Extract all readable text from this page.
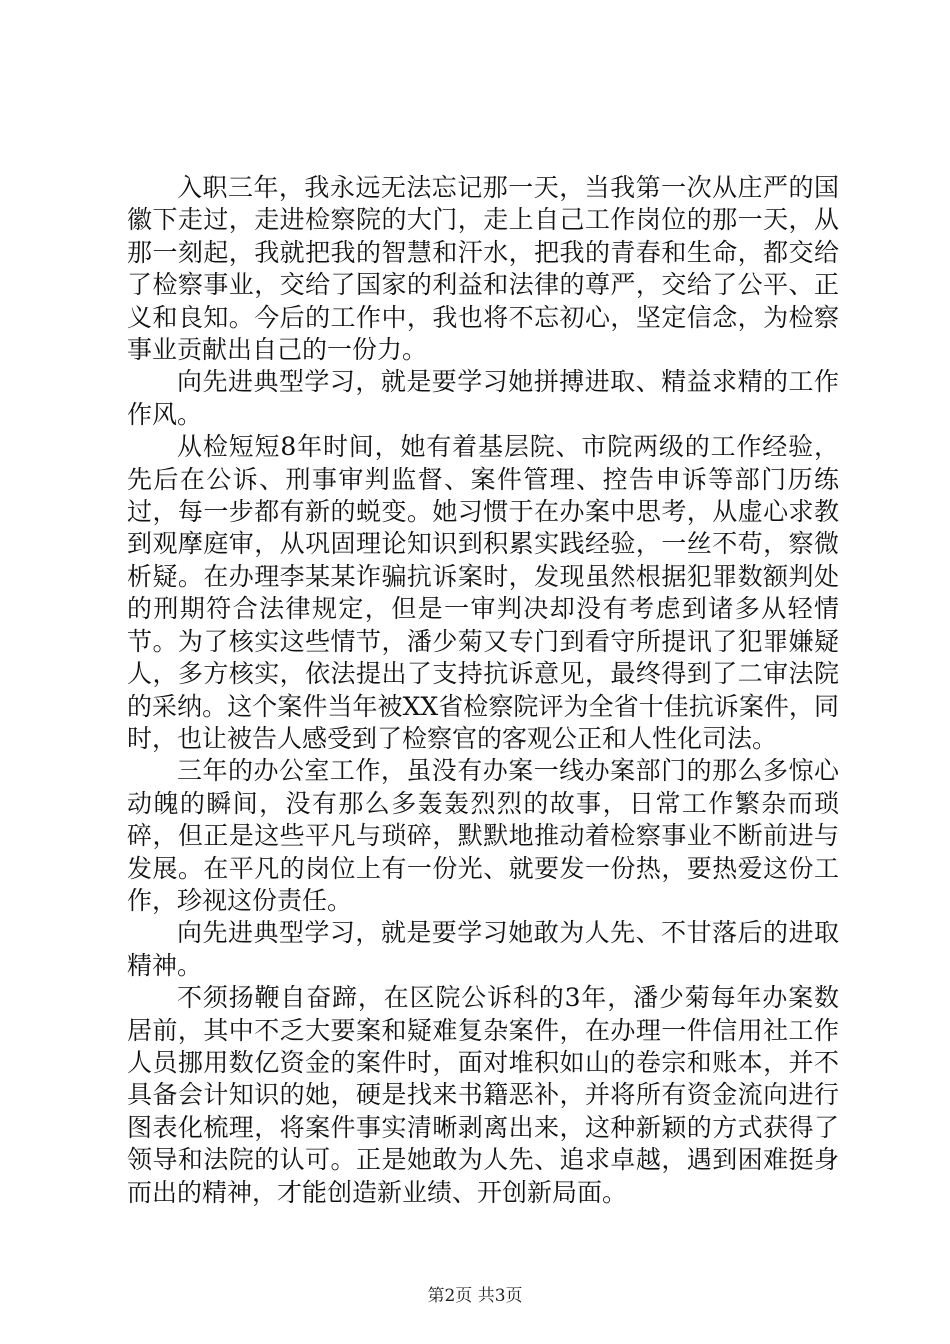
入职三年，我永远无法忘记那一天，当我第一次从庄严的国徽下走过，走进检察院的大门，走上自己工作岗位的那一天，从那一刻起，我就把我的智慧和汗水，把我的青春和生命，都交给了检察事业，交给了国家的利益和法律的尊严，交给了公平、正义和良知。今后的工作中，我也将不忘初心，坚定信念，为检察事业贡献出自己的一份力。

向先进典型学习，就是要学习她拼搏进取、精益求精的工作作风。

从检短短8年时间，她有着基层院、市院两级的工作经验，先后在公诉、刑事审判监督、案件管理、控告申诉等部门历练过，每一步都有新的蜕变。她习惯于在办案中思考，从虚心求教到观摩庭审，从巩固理论知识到积累实践经验，一丝不苟，察微析疑。在办理李某某诈骗抗诉案时，发现虽然根据犯罪数额判处的刑期符合法律规定，但是一审判决却没有考虑到诸多从轻情节。为了核实这些情节，潘少菊又专门到看守所提讯了犯罪嫌疑人，多方核实，依法提出了支持抗诉意见，最终得到了二审法院的采纳。这个案件当年被XX省检察院评为全省十佳抗诉案件，同时，也让被告人感受到了检察官的客观公正和人性化司法。

三年的办公室工作，虽没有办案一线办案部门的那么多惊心动魄的瞬间，没有那么多轰轰烈烈的故事，日常工作繁杂而琐碎，但正是这些平凡与琐碎，默默地推动着检察事业不断前进与发展。在平凡的岗位上有一份光、就要发一份热，要热爱这份工作，珍视这份责任。

向先进典型学习，就是要学习她敢为人先、不甘落后的进取精神。

不须扬鞭自奋蹄，在区院公诉科的3年，潘少菊每年办案数居前，其中不乏大要案和疑难复杂案件，在办理一件信用社工作人员挪用数亿资金的案件时，面对堆积如山的卷宗和账本，并不具备会计知识的她，硬是找来书籍恶补，并将所有资金流向进行图表化梳理，将案件事实清晰剥离出来，这种新颖的方式获得了领导和法院的认可。正是她敢为人先、追求卓越，遇到困难挺身而出的精神，才能创造新业绩、开创新局面。

第2页 共3页
